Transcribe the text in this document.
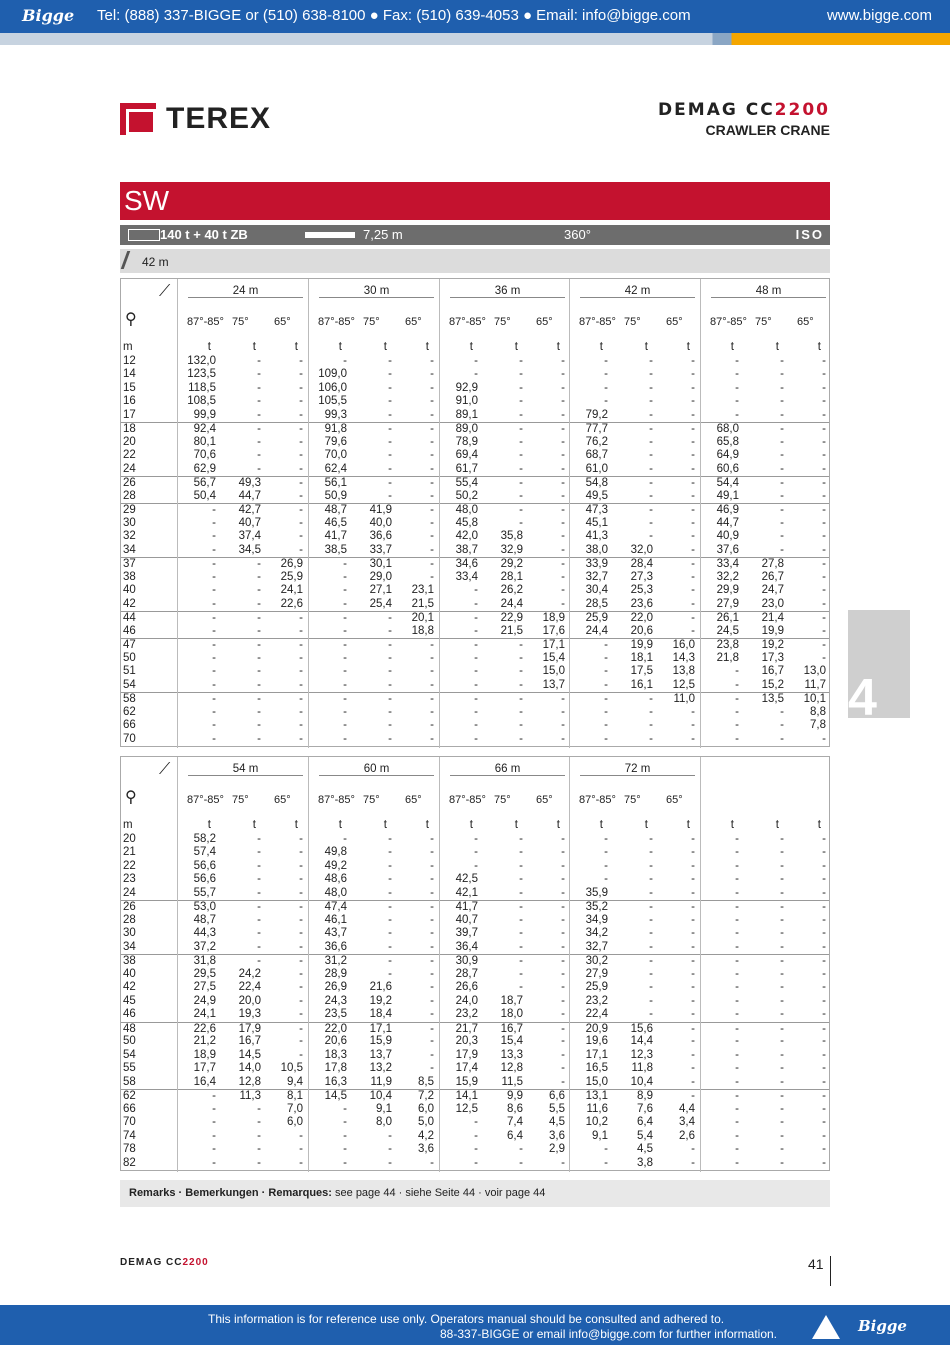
Bigge Tel: (888) 337-BIGGE or (510) 638-8100 ● Fax: (510) 639-4053 ● Email: info@bigge.com	www.bigge.com
TEREX	DEMAG CC2200
CRAWLER CRANE
SW
140 t + 40 t ZB	7,25 m	360°	ISO
42 m
⚲
⟋	24 m
87°-85° 75° 65°
30 m
87°-85° 75° 65°
36 m
87°-85° 75° 65°
42 m
87°-85° 75° 65°
48 m
87°-85° 75° 65°
m	t	t	t	t	t	t	t	t	t	t	t	t	t	t	t
12	132,0	-	-	-	-	-	-	-	-	-	-	-	-	-	-
14	123,5	-	-	109,0	-	-	-	-	-	-	-	-	-	-	-
15	118,5	-	-	106,0	-	-	92,9	-	-	-	-	-	-	-	-
16	108,5	-	-	105,5	-	-	91,0	-	-	-	-	-	-	-	-
17	99,9	-	-	99,3	-	-	89,1	-	-	79,2	-	-	-	-	-
18	92,4	-	-	91,8	-	-	89,0	-	-	77,7	-	-	68,0	-	-
20	80,1	-	-	79,6	-	-	78,9	-	-	76,2	-	-	65,8	-	-
22	70,6	-	-	70,0	-	-	69,4	-	-	68,7	-	-	64,9	-	-
24	62,9	-	-	62,4	-	-	61,7	-	-	61,0	-	-	60,6	-	-
26	56,7	49,3	-	56,1	-	-	55,4	-	-	54,8	-	-	54,4	-	-
28	50,4	44,7	-	50,9	-	-	50,2	-	-	49,5	-	-	49,1	-	-
29	-	42,7	-	48,7	41,9	-	48,0	-	-	47,3	-	-	46,9	-	-
30	-	40,7	-	46,5	40,0	-	45,8	-	-	45,1	-	-	44,7	-	-
32	-	37,4	-	41,7	36,6	-	42,0	35,8	-	41,3	-	-	40,9	-	-
34	-	34,5	-	38,5	33,7	-	38,7	32,9	-	38,0	32,0	-	37,6	-	-
37	-	-	26,9	-	30,1	-	34,6	29,2	-	33,9	28,4	-	33,4	27,8	-
38	-	-	25,9	-	29,0	-	33,4	28,1	-	32,7	27,3	-	32,2	26,7	-
40	-	-	24,1	-	27,1	23,1	-	26,2	-	30,4	25,3	-	29,9	24,7	-
42	-	-	22,6	-	25,4	21,5	-	24,4	-	28,5	23,6	-	27,9	23,0	-
44	-	-	-	-	-	20,1	-	22,9	18,9	25,9	22,0	-	26,1	21,4	-
46	-	-	-	-	-	18,8	-	21,5	17,6	24,4	20,6	-	24,5	19,9	-
47	-	-	-	-	-	-	-	-	17,1	-	19,9	16,0	23,8	19,2	-
50	-	-	-	-	-	-	-	-	15,4	-	18,1	14,3	21,8	17,3	-
51	-	-	-	-	-	-	-	-	15,0	-	17,5	13,8	-	16,7	13,0
54	-	-	-	-	-	-	-	-	13,7	-	16,1	12,5	-	15,2	11,7
58	-	-	-	-	-	-	-	-	-	-	-	11,0	-	13,5	10,1
62	-	-	-	-	-	-	-	-	-	-	-	-	-	-	8,8
66	-	-	-	-	-	-	-	-	-	-	-	-	-	-	7,8
70	-	-	-	-	-	-	-	-	-	-	-	-	-	-	-
⚲
⟋	54 m
87°-85° 75° 65°
60 m
87°-85° 75° 65°
66 m
87°-85° 75° 65°
72 m
87°-85° 75° 65°
m	t	t	t	t	t	t	t	t	t	t	t	t	t	t	t
20	58,2	-	-	-	-	-	-	-	-	-	-	-	-	-	-
21	57,4	-	-	49,8	-	-	-	-	-	-	-	-	-	-	-
22	56,6	-	-	49,2	-	-	-	-	-	-	-	-	-	-	-
23	56,6	-	-	48,6	-	-	42,5	-	-	-	-	-	-	-	-
24	55,7	-	-	48,0	-	-	42,1	-	-	35,9	-	-	-	-	-
26	53,0	-	-	47,4	-	-	41,7	-	-	35,2	-	-	-	-	-
28	48,7	-	-	46,1	-	-	40,7	-	-	34,9	-	-	-	-	-
30	44,3	-	-	43,7	-	-	39,7	-	-	34,2	-	-	-	-	-
34	37,2	-	-	36,6	-	-	36,4	-	-	32,7	-	-	-	-	-
38	31,8	-	-	31,2	-	-	30,9	-	-	30,2	-	-	-	-	-
40	29,5	24,2	-	28,9	-	-	28,7	-	-	27,9	-	-	-	-	-
42	27,5	22,4	-	26,9	21,6	-	26,6	-	-	25,9	-	-	-	-	-
45	24,9	20,0	-	24,3	19,2	-	24,0	18,7	-	23,2	-	-	-	-	-
46	24,1	19,3	-	23,5	18,4	-	23,2	18,0	-	22,4	-	-	-	-	-
48	22,6	17,9	-	22,0	17,1	-	21,7	16,7	-	20,9	15,6	-	-	-	-
50	21,2	16,7	-	20,6	15,9	-	20,3	15,4	-	19,6	14,4	-	-	-	-
54	18,9	14,5	-	18,3	13,7	-	17,9	13,3	-	17,1	12,3	-	-	-	-
55	17,7	14,0	10,5	17,8	13,2	-	17,4	12,8	-	16,5	11,8	-	-	-	-
58	16,4	12,8	9,4	16,3	11,9	8,5	15,9	11,5	-	15,0	10,4	-	-	-	-
62	-	11,3	8,1	14,5	10,4	7,2	14,1	9,9	6,6	13,1	8,9	-	-	-	-
66	-	-	7,0	-	9,1	6,0	12,5	8,6	5,5	11,6	7,6	4,4	-	-	-
70	-	-	6,0	-	8,0	5,0	-	7,4	4,5	10,2	6,4	3,4	-	-	-
74	-	-	-	-	-	4,2	-	6,4	3,6	9,1	5,4	2,6	-	-	-
78	-	-	-	-	-	3,6	-	-	2,9	-	4,5	-	-	-	-
82	-	-	-	-	-	-	-	-	-	-	3,8	-	-	-	-
Remarks · Bemerkungen · Remarques: see page 44 · siehe Seite 44 · voir page 44
DEMAG CC2200	41
4
This information is for reference use only. Operators manual should be consulted and adhered to.
88-337-BIGGE or email info@bigge.com for further information.	Bigge
